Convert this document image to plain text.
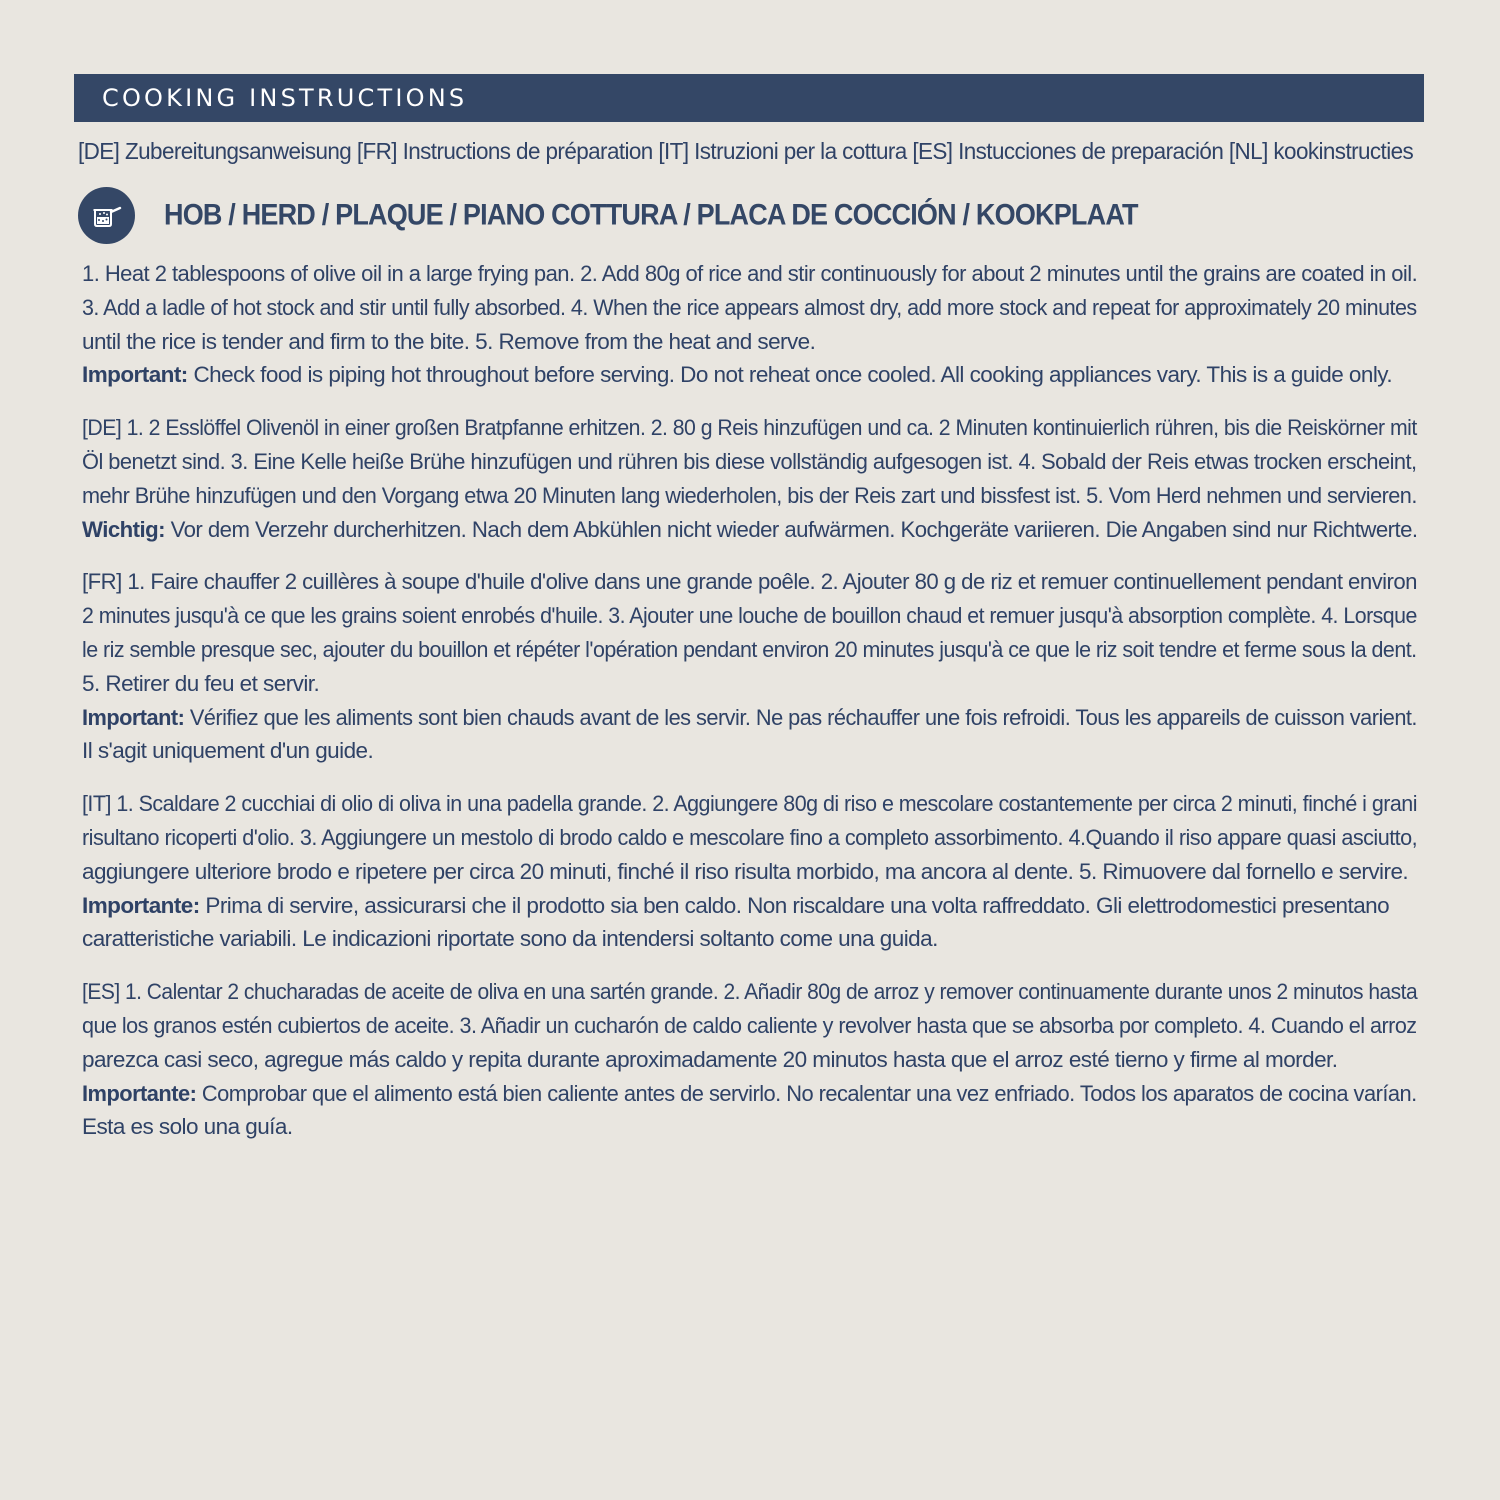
COOKING INSTRUCTIONS
[DE] Zubereitungsanweisung [FR] Instructions de préparation [IT] Istruzioni per la cottura [ES] Instucciones de preparación [NL] kookinstructies
HOB / HERD / PLAQUE / PIANO COTTURA / PLACA DE COCCIÓN / KOOKPLAAT
1. Heat 2 tablespoons of olive oil in a large frying pan. 2. Add 80g of rice and stir continuously for about 2 minutes until the grains are coated in oil.
3. Add a ladle of hot stock and stir until fully absorbed. 4. When the rice appears almost dry, add more stock and repeat for approximately 20 minutes
until the rice is tender and firm to the bite. 5. Remove from the heat and serve.
Important: Check food is piping hot throughout before serving. Do not reheat once cooled. All cooking appliances vary. This is a guide only.
[DE] 1. 2 Esslöffel Olivenöl in einer großen Bratpfanne erhitzen. 2. 80 g Reis hinzufügen und ca. 2 Minuten kontinuierlich rühren, bis die Reiskörner mit
Öl benetzt sind. 3. Eine Kelle heiße Brühe hinzufügen und rühren bis diese vollständig aufgesogen ist. 4. Sobald der Reis etwas trocken erscheint,
mehr Brühe hinzufügen und den Vorgang etwa 20 Minuten lang wiederholen, bis der Reis zart und bissfest ist. 5. Vom Herd nehmen und servieren.
Wichtig: Vor dem Verzehr durcherhitzen. Nach dem Abkühlen nicht wieder aufwärmen. Kochgeräte variieren. Die Angaben sind nur Richtwerte.
[FR] 1. Faire chauffer 2 cuillères à soupe d'huile d'olive dans une grande poêle. 2. Ajouter 80 g de riz et remuer continuellement pendant environ
2 minutes jusqu'à ce que les grains soient enrobés d'huile. 3. Ajouter une louche de bouillon chaud et remuer jusqu'à absorption complète. 4. Lorsque
le riz semble presque sec, ajouter du bouillon et répéter l'opération pendant environ 20 minutes jusqu'à ce que le riz soit tendre et ferme sous la dent.
5. Retirer du feu et servir.
Important: Vérifiez que les aliments sont bien chauds avant de les servir. Ne pas réchauffer une fois refroidi. Tous les appareils de cuisson varient.
Il s'agit uniquement d'un guide.
[IT] 1. Scaldare 2 cucchiai di olio di oliva in una padella grande. 2. Aggiungere 80g di riso e mescolare costantemente per circa 2 minuti, finché i grani
risultano ricoperti d'olio. 3. Aggiungere un mestolo di brodo caldo e mescolare fino a completo assorbimento. 4.Quando il riso appare quasi asciutto,
aggiungere ulteriore brodo e ripetere per circa 20 minuti, finché il riso risulta morbido, ma ancora al dente. 5. Rimuovere dal fornello e servire.
Importante: Prima di servire, assicurarsi che il prodotto sia ben caldo. Non riscaldare una volta raffreddato. Gli elettrodomestici presentano
caratteristiche variabili. Le indicazioni riportate sono da intendersi soltanto come una guida.
[ES] 1. Calentar 2 chucharadas de aceite de oliva en una sartén grande. 2. Añadir 80g de arroz y remover continuamente durante unos 2 minutos hasta
que los granos estén cubiertos de aceite. 3. Añadir un cucharón de caldo caliente y revolver hasta que se absorba por completo. 4. Cuando el arroz
parezca casi seco, agregue más caldo y repita durante aproximadamente 20 minutos hasta que el arroz esté tierno y firme al morder.
Importante: Comprobar que el alimento está bien caliente antes de servirlo. No recalentar una vez enfriado. Todos los aparatos de cocina varían.
Esta es solo una guía.
